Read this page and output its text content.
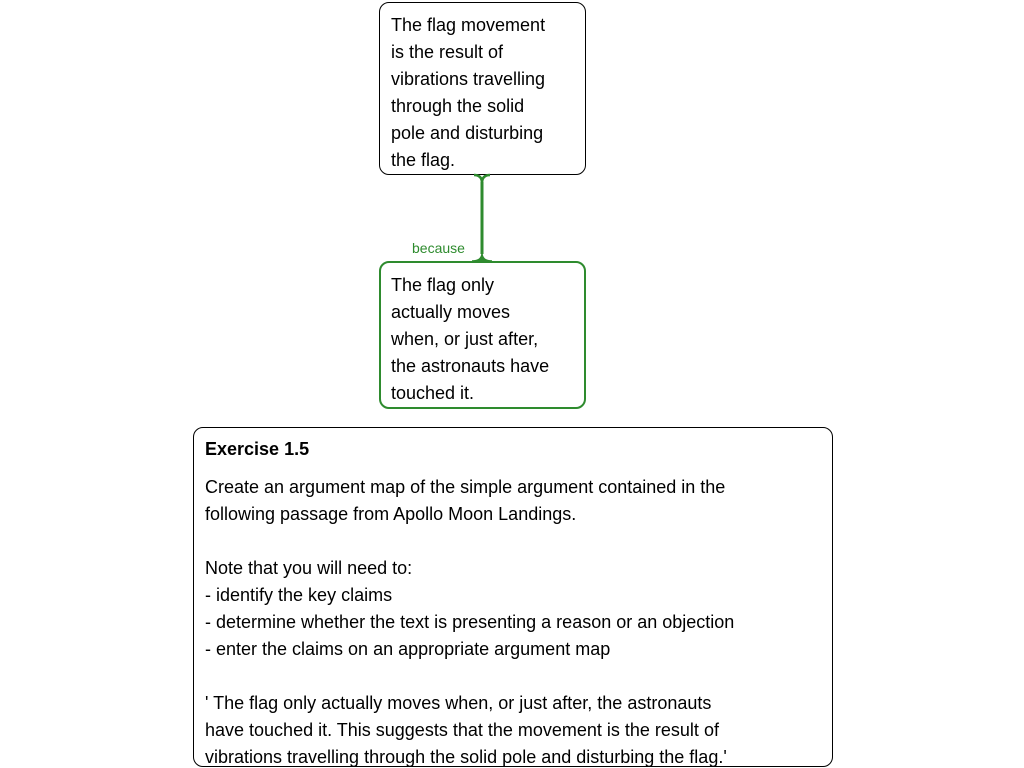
The flag movement
is the result of
vibrations travelling
through the solid
pole and disturbing
the flag.

because

The flag only
actually moves
when, or just after,
the astronauts have
touched it.

Exercise 1.5

Create an argument map of the simple argument contained in the
following passage from Apollo Moon Landings.

Note that you will need to:
- identify the key claims
- determine whether the text is presenting a reason or an objection
- enter the claims on an appropriate argument map

' The flag only actually moves when, or just after, the astronauts
have touched it. This suggests that the movement is the result of
vibrations travelling through the solid pole and disturbing the flag.'
